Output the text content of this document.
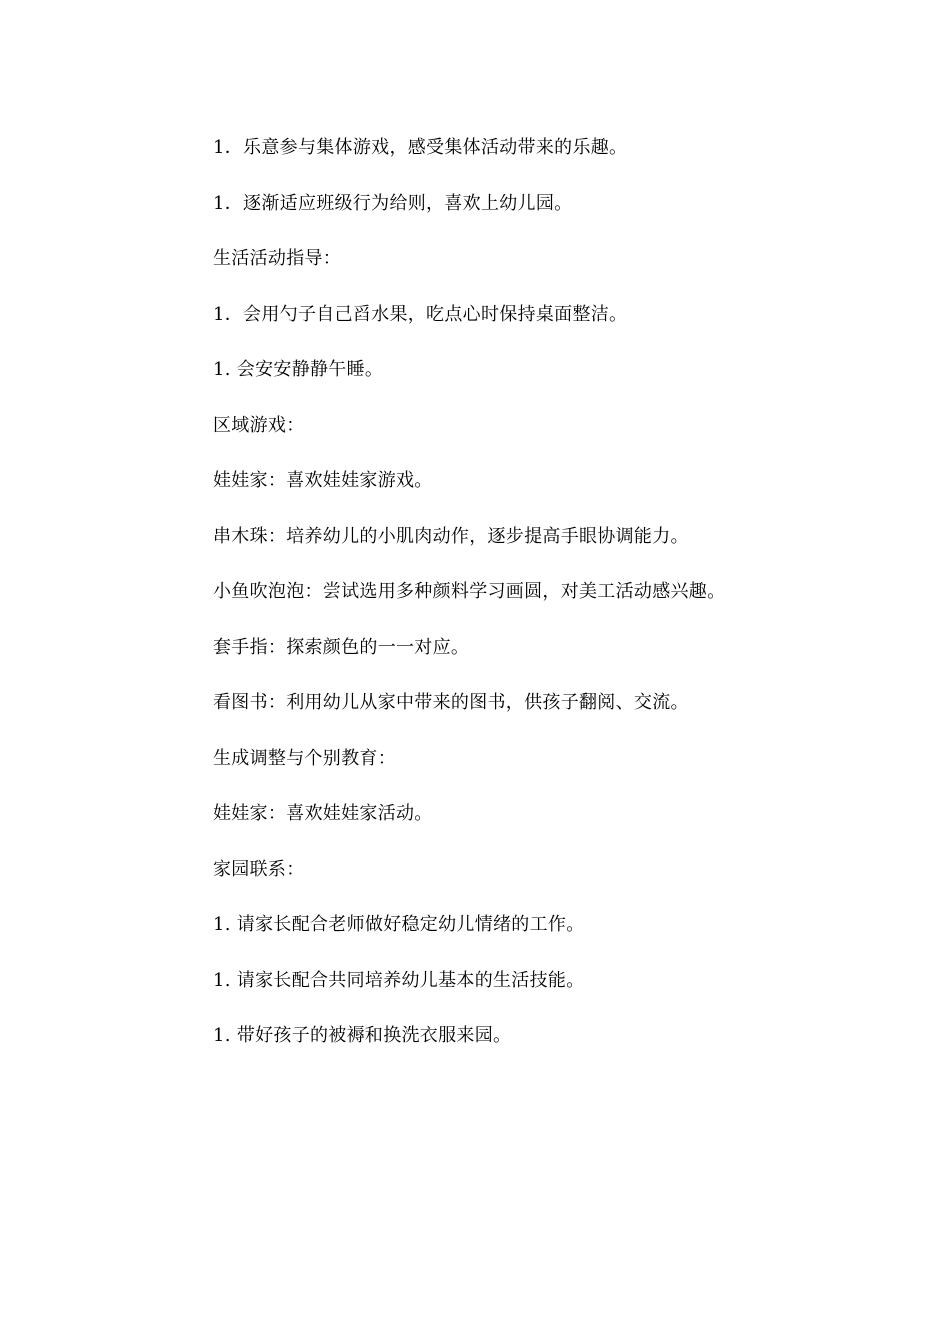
1．乐意参与集体游戏，感受集体活动带来的乐趣。
1．逐渐适应班级行为给则，喜欢上幼儿园。
生活活动指导：
1．会用勺子自己舀水果，吃点心时保持桌面整洁。
1. 会安安静静午睡。
区域游戏：
娃娃家：喜欢娃娃家游戏。
串木珠：培养幼儿的小肌肉动作，逐步提高手眼协调能力。
小鱼吹泡泡：尝试选用多种颜料学习画圆，对美工活动感兴趣。
套手指：探索颜色的一一对应。
看图书：利用幼儿从家中带来的图书，供孩子翻阅、交流。
生成调整与个别教育：
娃娃家：喜欢娃娃家活动。
家园联系：
1. 请家长配合老师做好稳定幼儿情绪的工作。
1. 请家长配合共同培养幼儿基本的生活技能。
1. 带好孩子的被褥和换洗衣服来园。
